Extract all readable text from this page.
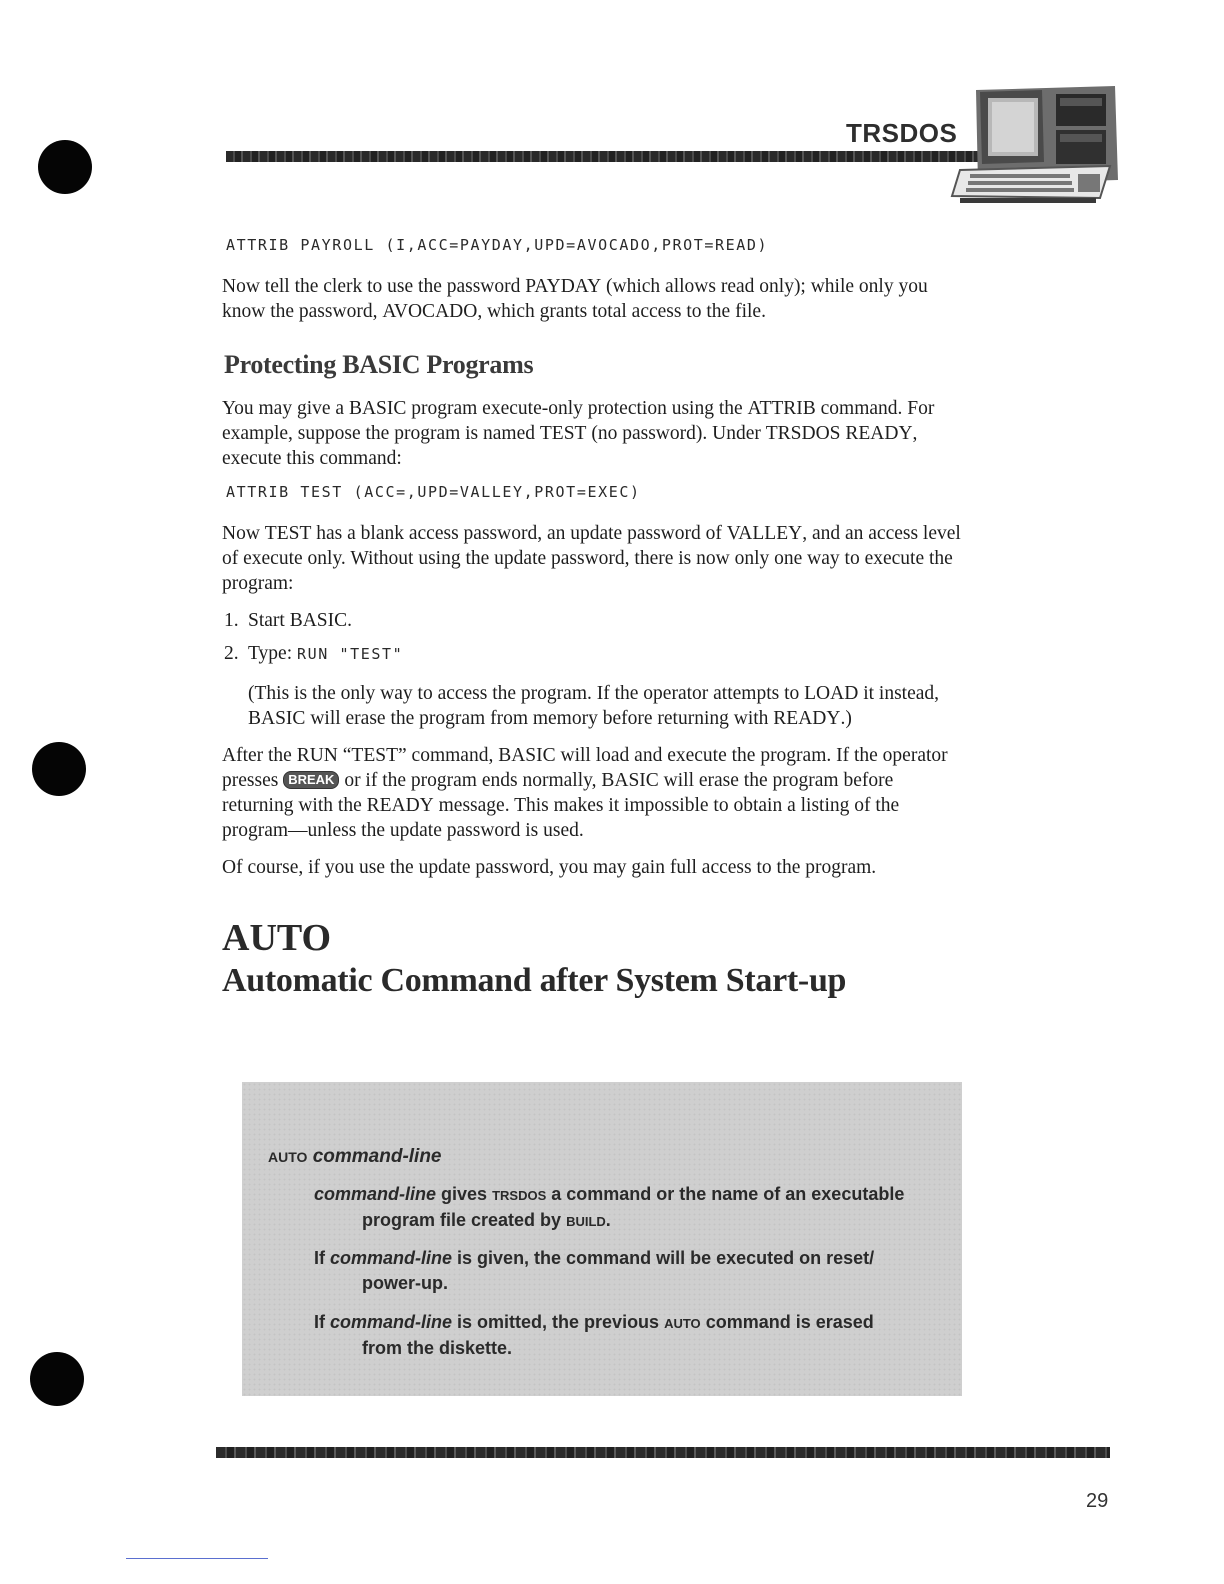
TRSDOS
ATTRIB PAYROLL (I,ACC=PAYDAY,UPD=AVOCADO,PROT=READ)

Now tell the clerk to use the password PAYDAY (which allows read only); while only you know the password, AVOCADO, which grants total access to the file.

Protecting BASIC Programs

You may give a BASIC program execute-only protection using the ATTRIB command. For example, suppose the program is named TEST (no password). Under TRSDOS READY, execute this command:

ATTRIB TEST (ACC=,UPD=VALLEY,PROT=EXEC)

Now TEST has a blank access password, an update password of VALLEY, and an access level of execute only. Without using the update password, there is now only one way to execute the program:

1. Start BASIC.
2. Type: RUN "TEST"

(This is the only way to access the program. If the operator attempts to LOAD it instead, BASIC will erase the program from memory before returning with READY.)

After the RUN “TEST” command, BASIC will load and execute the program. If the operator presses BREAK or if the program ends normally, BASIC will erase the program before returning with the READY message. This makes it impossible to obtain a listing of the program—unless the update password is used.

Of course, if you use the update password, you may gain full access to the program.

AUTO
Automatic Command after System Start-up
AUTO command-line
command-line gives TRSDOS a command or the name of an executable
program file created by BUILD.
If command-line is given, the command will be executed on reset/
power-up.
If command-line is omitted, the previous AUTO command is erased
from the diskette.
29
